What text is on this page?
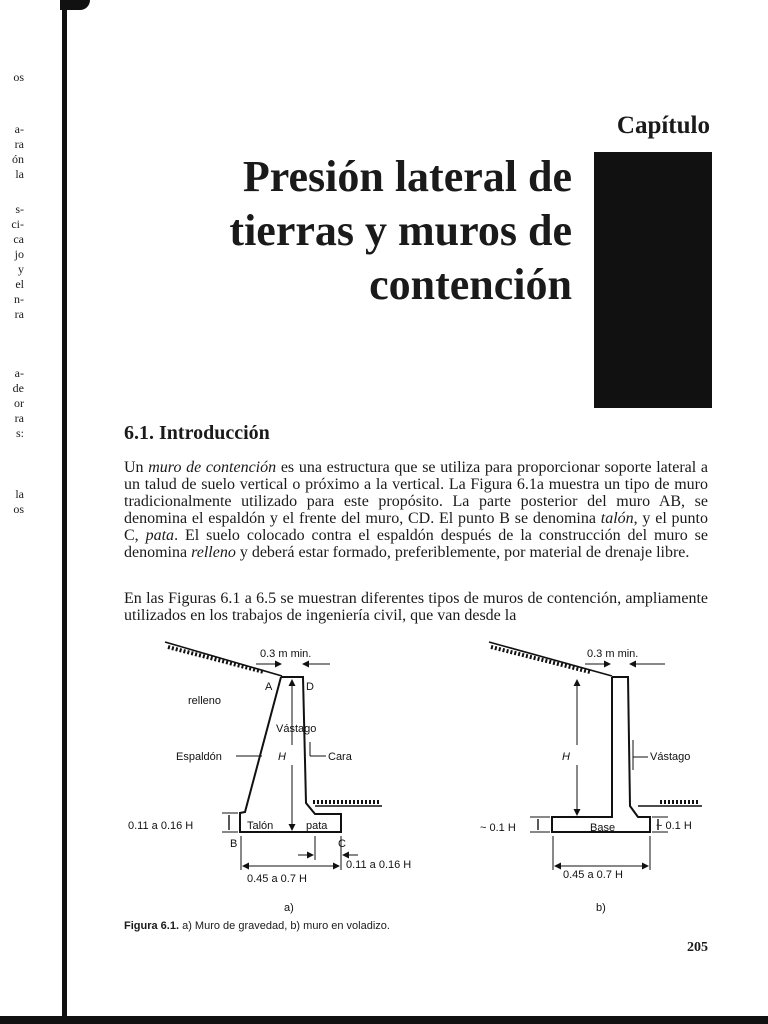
os
a-
ra
ón
la
s-
ci-
ca
jo
y
el
n-
ra
a-
de
or
ra
s:
la
os
Capítulo
Presión lateral de
tierras y muros de
contención
6.1. Introducción
Un muro de contención es una estructura que se utiliza para proporcionar soporte lateral a un talud de suelo vertical o próximo a la vertical. La Figura 6.1a muestra un tipo de muro tradicionalmente utilizado para este propósito. La parte posterior del muro AB, se denomina el espaldón y el frente del muro, CD. El punto B se denomina talón, y el punto C, pata. El suelo colocado contra el espaldón después de la construcción del muro se denomina relleno y deberá estar formado, preferiblemente, por material de drenaje libre.
En las Figuras 6.1 a 6.5 se muestran diferentes tipos de muros de contención, ampliamente utilizados en los trabajos de ingeniería civil, que van desde la
0.3 m min.
A	D
relleno
Vástago
Espaldón	H	Cara
0.11 a 0.16 H	Talón	pata
B	C
0.11 a 0.16 H
0.45 a 0.7 H
a)
0.3 m min.
H	Vástago
~ 0.1 H	Base	~ 0.1 H
0.45 a 0.7 H
b)
Figura 6.1. a) Muro de gravedad, b) muro en voladizo.
205
